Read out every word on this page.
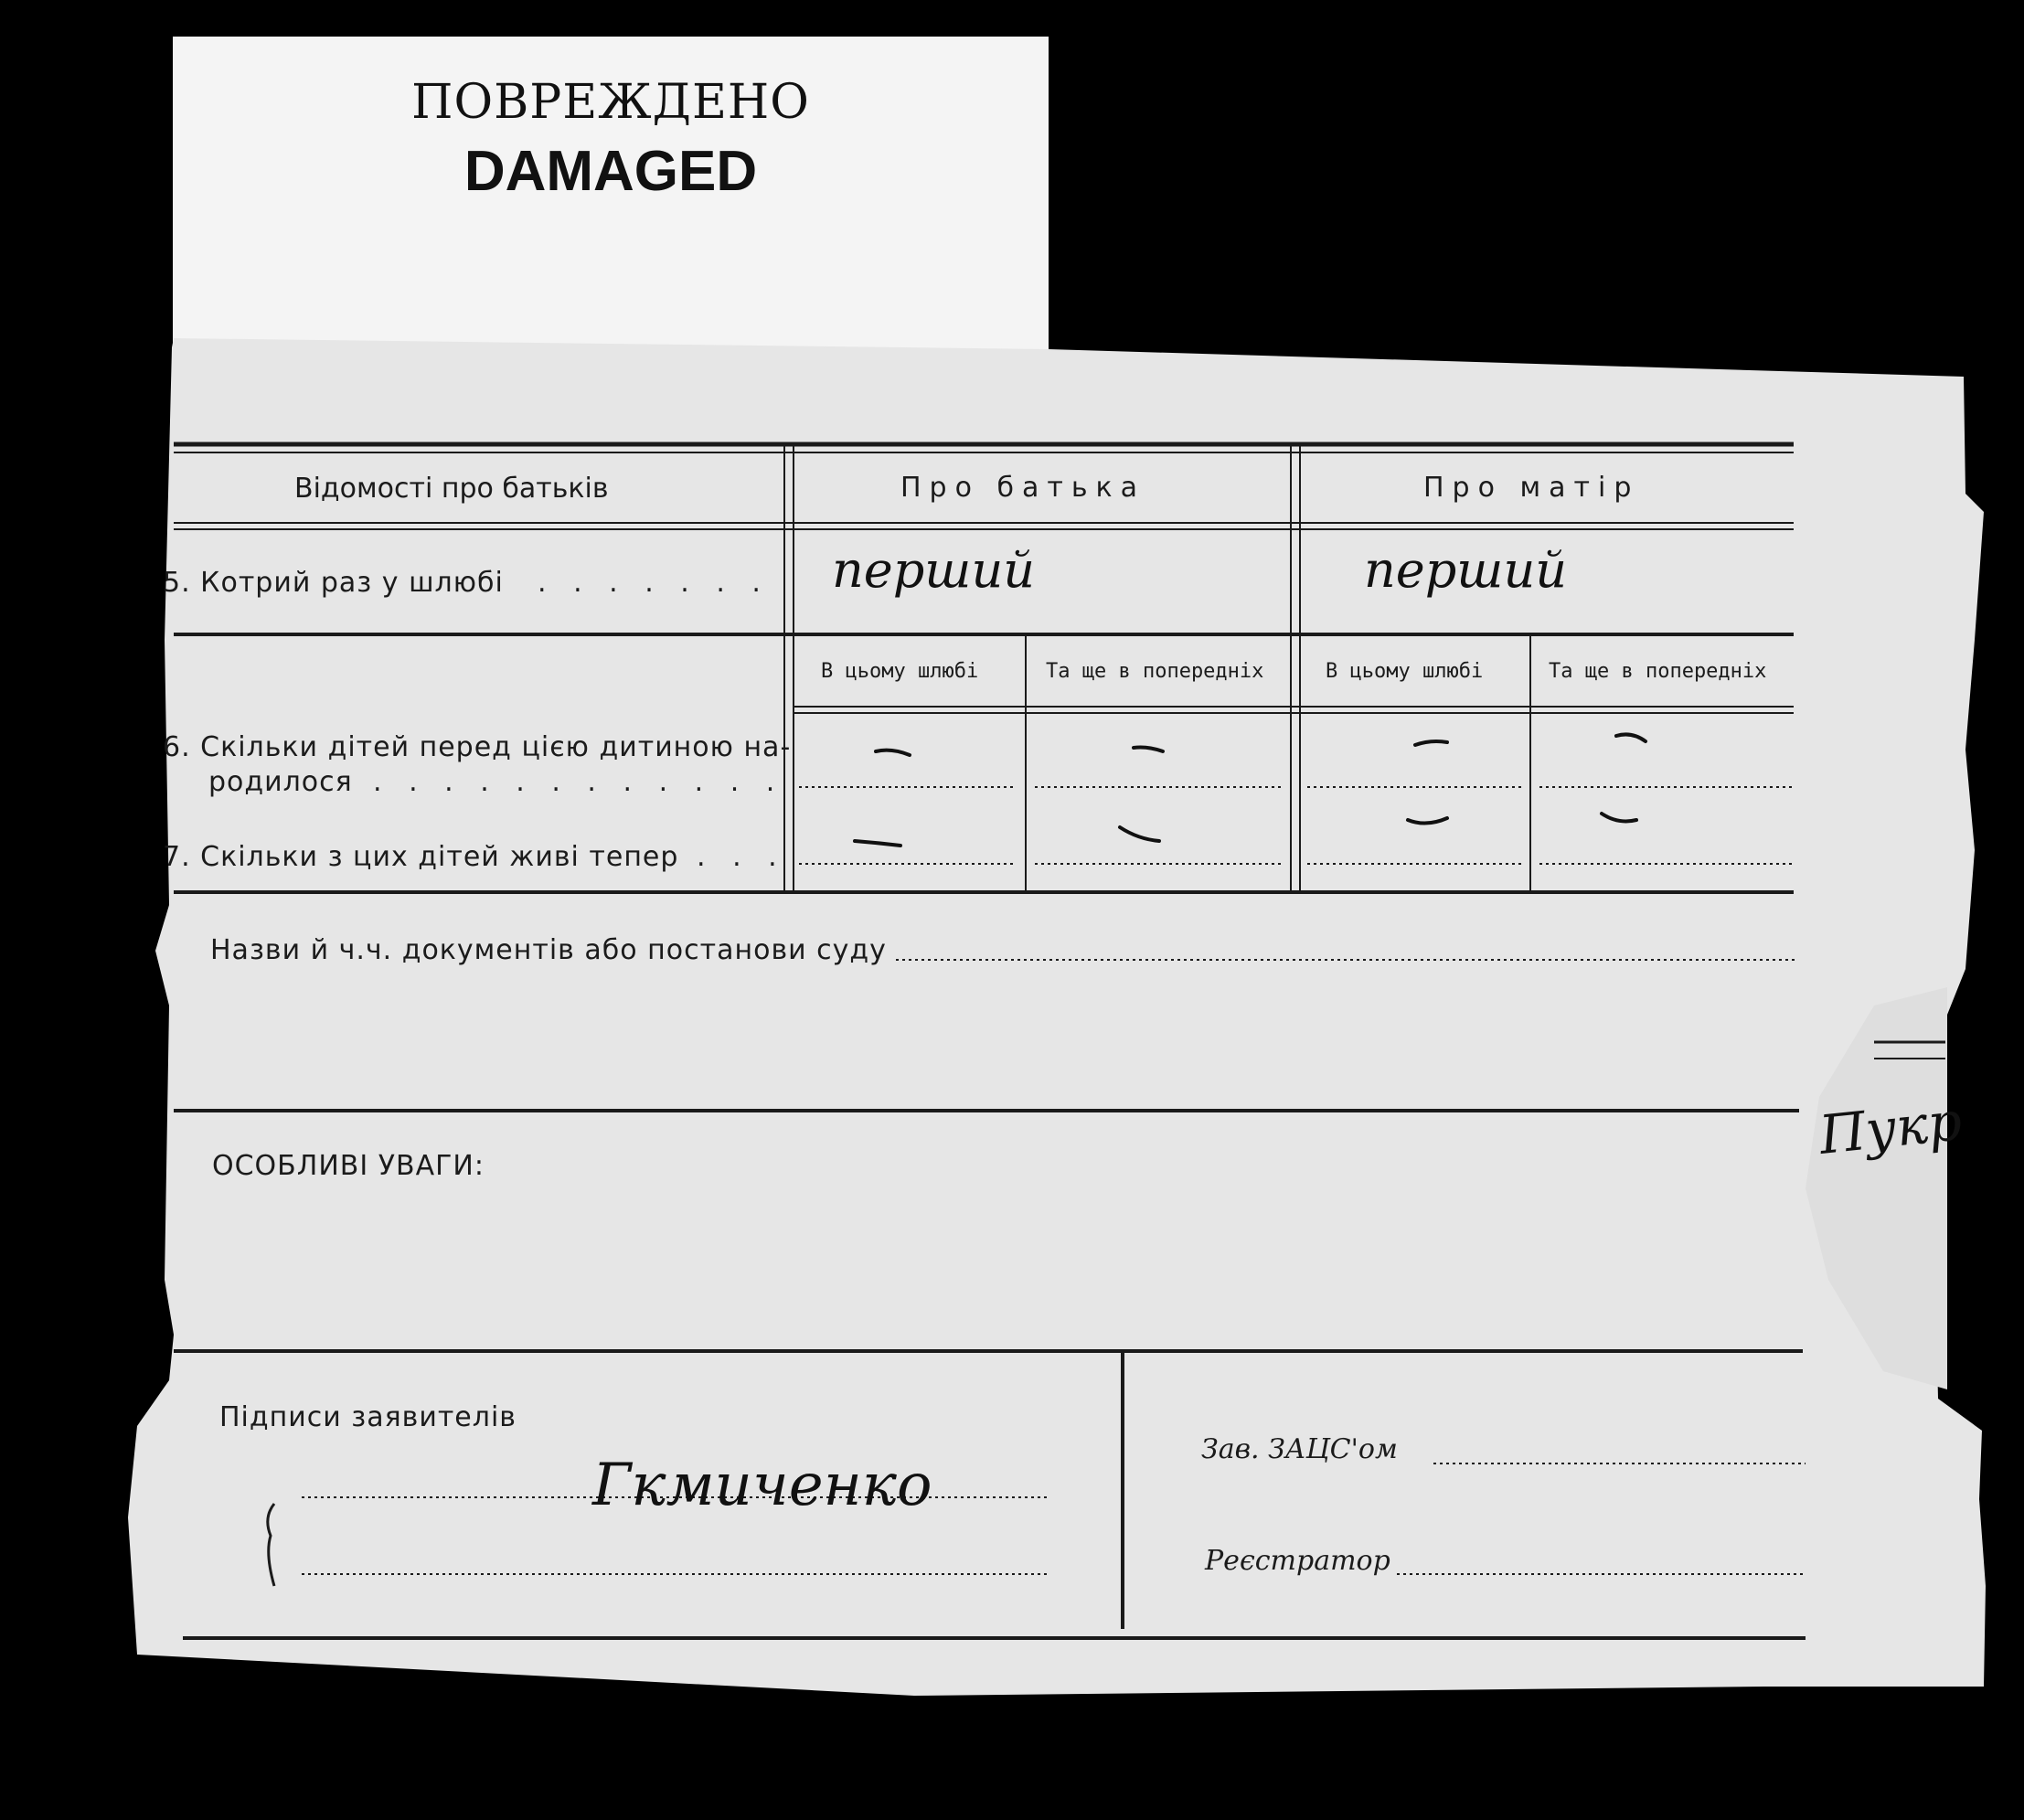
ПОВРЕЖДЕНО
DAMAGED
Відомості про батьків	Про батька	Про матір
5. Котрий раз у шлюбі . . . . . . . перший	перший
В цьому шлюбі	Та ще в попередніх	В цьому шлюбі	Та ще в попередніх
6. Скільки дітей перед цією дитиною на-
родилося . . . . . . . . . . . .
7. Скільки з цих дітей живі тепер . . .
Назви й ч.ч. документів або постанови суду
ОСОБЛИВІ УВАГИ:
Підписи заявителів
Гкмиченко
Зав. ЗАЦС'ом
Реєстратор
Пукр
